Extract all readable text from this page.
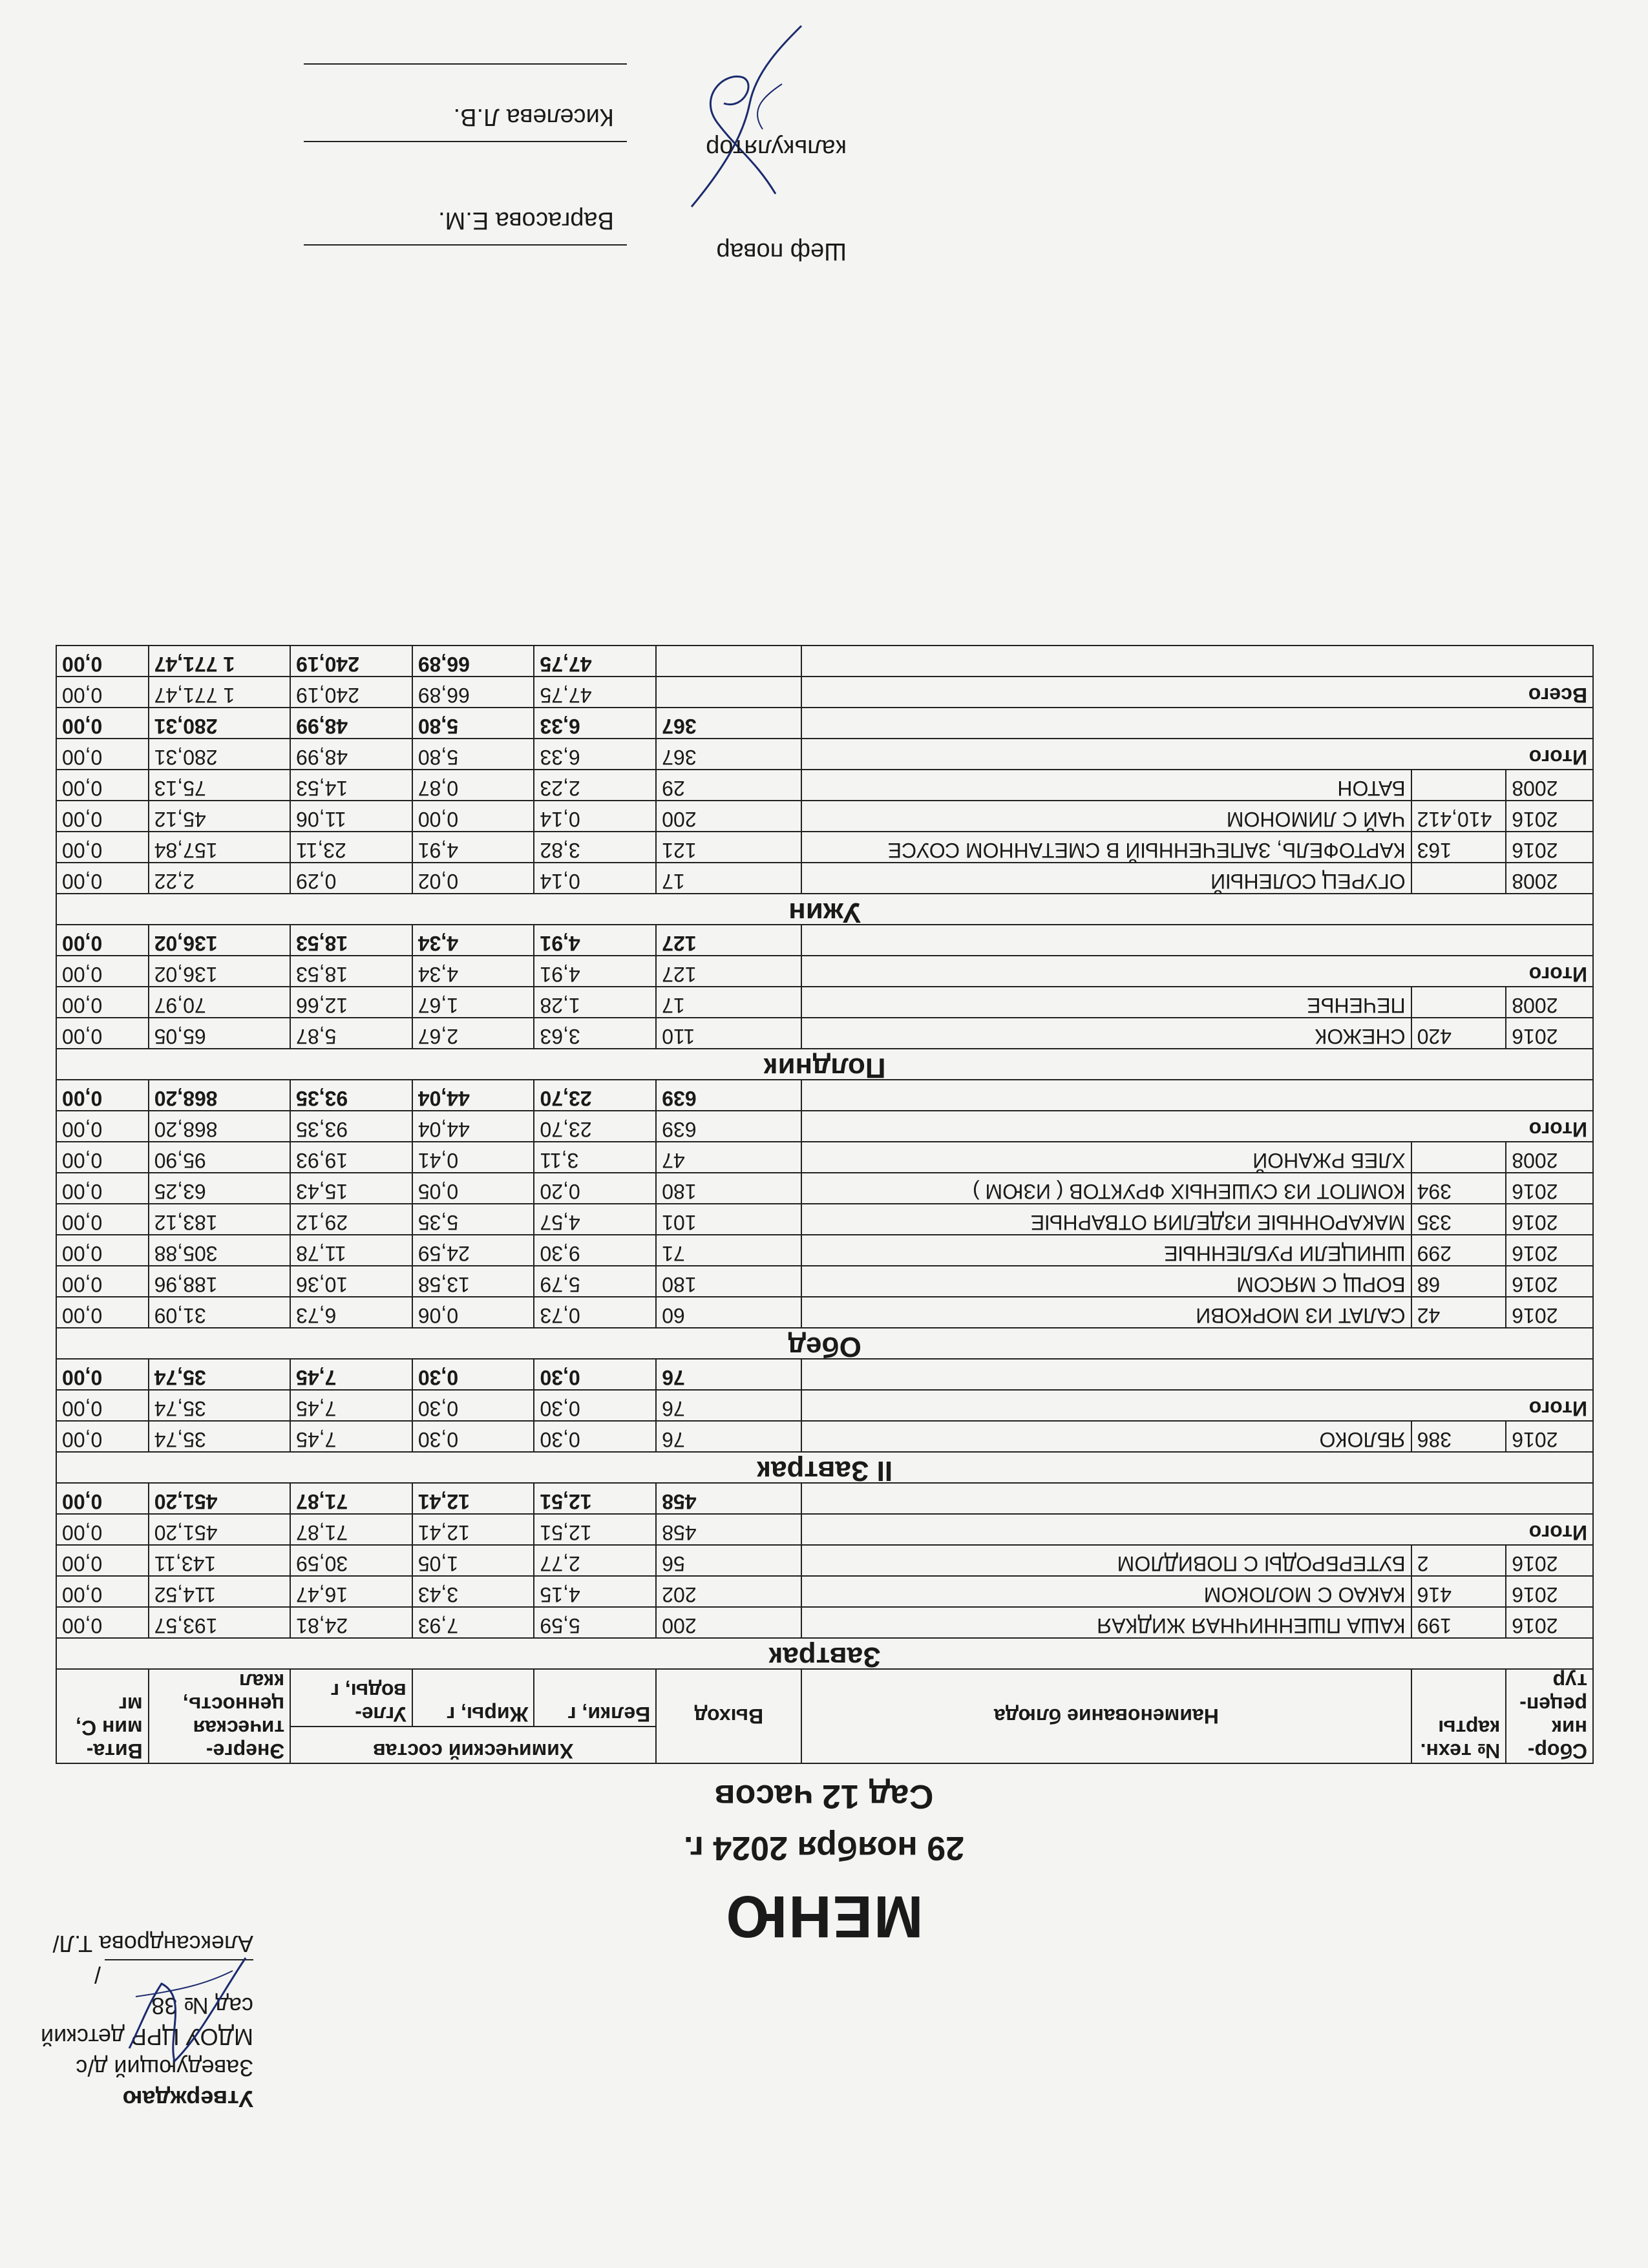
Утверждаю
Заведующий д/с
МДОУ ЦРР детский сад № 38
/Александрова Т.Л/	МЕНЮ
29 ноября 2024 г.
Сад 12 часов
Сбор-ник рецеп-тур	№ техн. карты	Наименование блюда	Выход	Химический состав			Энерге-тическая ценность, ккал	Вита-мин С, мг
				Белки, г	Жиры, г	Угле-воды, г		
Завтрак								
2016	199	КАША ПШЕННИЧНАЯ ЖИДКАЯ	200	5,59	7,93	24,81	193,57	0,00
2016	416	КАКАО С МОЛОКОМ	202	4,15	3,43	16,47	114,52	0,00
2016	2	БУТЕРБРОДЫ С ПОВИДЛОМ	56	2,77	1,05	30,59	143,11	0,00
Итого			458	12,51	12,41	71,87	451,20	0,00
			458	12,51	12,41	71,87	451,20	0,00
II Завтрак								
2016	386	ЯБЛОКО	76	0,30	0,30	7,45	35,74	0,00
Итого			76	0,30	0,30	7,45	35,74	0,00
			76	0,30	0,30	7,45	35,74	0,00
Обед								
2016	42	САЛАТ ИЗ МОРКОВИ	60	0,73	0,06	6,73	31,09	0,00
2016	68	БОРЩ С МЯСОМ	180	5,79	13,58	10,36	188,96	0,00
2016	299	ШНИЦЕЛИ РУБЛЕННЫЕ	71	9,30	24,59	11,78	305,88	0,00
2016	335	МАКАРОННЫЕ ИЗДЕЛИЯ ОТВАРНЫЕ	101	4,57	5,35	29,12	183,12	0,00
2016	394	КОМПОТ ИЗ СУШЕНЫХ ФРУКТОВ ( ИЗЮМ )	180	0,20	0,05	15,43	63,25	0,00
2008		ХЛЕБ РЖАНОЙ	47	3,11	0,41	19,93	95,90	0,00
Итого			639	23,70	44,04	93,35	868,20	0,00
			639	23,70	44,04	93,35	868,20	0,00
Полдник								
2016	420	СНЕЖОК	110	3,63	2,67	5,87	65,05	0,00
2008		ПЕЧЕНЬЕ	17	1,28	1,67	12,66	70,97	0,00
Итого			127	4,91	4,34	18,53	136,02	0,00
			127	4,91	4,34	18,53	136,02	0,00
Ужин								
2008		ОГУРЕЦ СОЛЕНЫЙ	17	0,14	0,02	0,29	2,22	0,00
2016	163	КАРТОФЕЛЬ, ЗАПЕЧЕННЫЙ В СМЕТАННОМ СОУСЕ	121	3,82	4,91	23,11	157,84	0,00
2016	410,412	ЧАЙ С ЛИМОНОМ	200	0,14	0,00	11,06	45,12	0,00
2008		БАТОН	29	2,23	0,87	14,53	75,13	0,00
Итого			367	6,33	5,80	48,99	280,31	0,00
			367	6,33	5,80	48,99	280,31	0,00
Всего				47,75	66,89	240,19	1 771,47	0,00
				47,75	66,89	240,19	1 771,47	0,00
Шеф повар
Варгасова Е.М.
калькулятор
Киселева Л.В.
